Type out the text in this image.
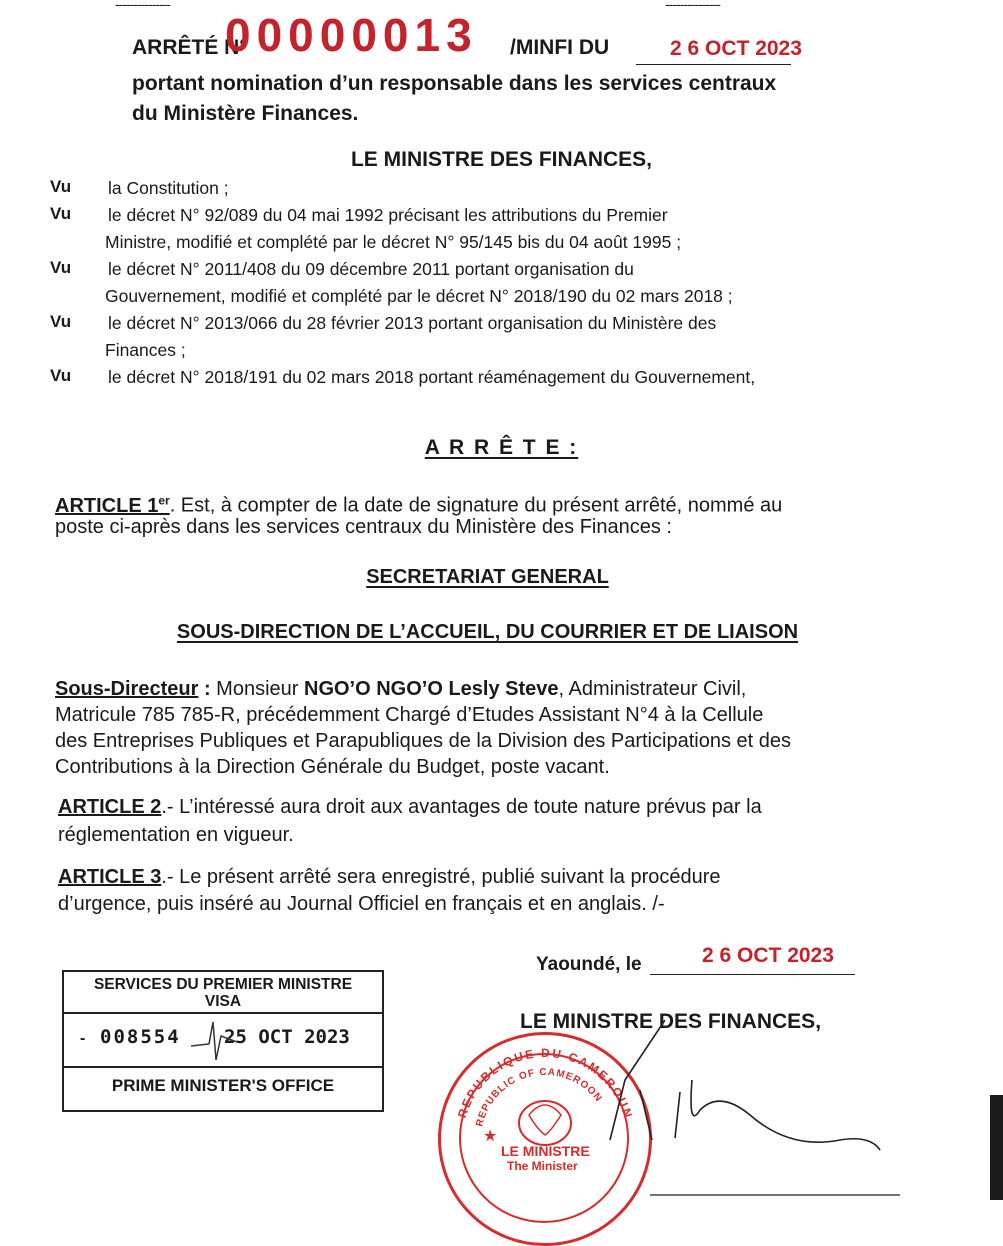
---------------	---------------
ARRÊTÉ N°
00000013 /MINFI DU	2 6 OCT 2023
portant nomination d’un responsable dans les services centraux
du Ministère Finances.
LE MINISTRE DES FINANCES,
Vu la Constitution ;
Vu le décret N° 92/089 du 04 mai 1992 précisant les attributions du Premier
Ministre, modifié et complété par le décret N° 95/145 bis du 04 août 1995 ;
Vu le décret N° 2011/408 du 09 décembre 2011 portant organisation du
Gouvernement, modifié et complété par le décret N° 2018/190 du 02 mars 2018 ;
Vu le décret N° 2013/066 du 28 février 2013 portant organisation du Ministère des
Finances ;
Vu le décret N° 2018/191 du 02 mars 2018 portant réaménagement du Gouvernement,
A R R Ê T E :
ARTICLE 1er. Est, à compter de la date de signature du présent arrêté, nommé au
poste ci-après dans les services centraux du Ministère des Finances :
SECRETARIAT GENERAL
SOUS-DIRECTION DE L’ACCUEIL, DU COURRIER ET DE LIAISON
Sous-Directeur : Monsieur NGO’O NGO’O Lesly Steve, Administrateur Civil,
Matricule 785 785-R, précédemment Chargé d’Etudes Assistant N°4 à la Cellule
des Entreprises Publiques et Parapubliques de la Division des Participations et des
Contributions à la Direction Générale du Budget, poste vacant.
ARTICLE 2.- L’intéressé aura droit aux avantages de toute nature prévus par la
réglementation en vigueur.
ARTICLE 3.- Le présent arrêté sera enregistré, publié suivant la procédure
d’urgence, puis inséré au Journal Officiel en français et en anglais. /-
Yaoundé, le	2 6 OCT 2023
LE MINISTRE DES FINANCES,
SERVICES DU PREMIER MINISTRE
VISA
- 008554 25 OCT 2023
PRIME MINISTER'S OFFICE
REPUBLIQUE DU CAMEROUN
REPUBLIC OF CAMEROON
★
LE MINISTRE
The Minister
